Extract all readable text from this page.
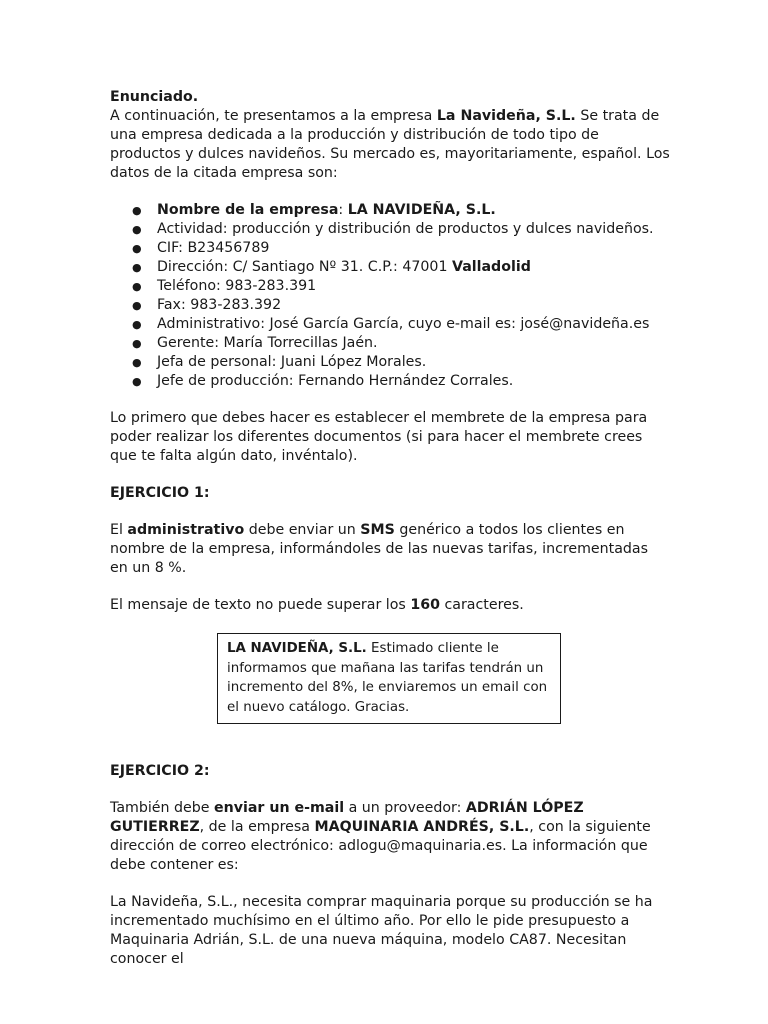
Enunciado.

A continuación, te presentamos a la empresa La Navideña, S.L. Se trata de una empresa dedicada a la producción y distribución de todo tipo de productos y dulces navideños. Su mercado es, mayoritariamente, español. Los datos de la citada empresa son:

● Nombre de la empresa: LA NAVIDEÑA, S.L.
● Actividad: producción y distribución de productos y dulces navideños.
● CIF: B23456789
● Dirección: C/ Santiago Nº 31. C.P.: 47001 Valladolid
● Teléfono: 983-283.391
● Fax: 983-283.392
● Administrativo: José García García, cuyo e-mail es: josé@navideña.es
● Gerente: María Torrecillas Jaén.
● Jefa de personal: Juani López Morales.
● Jefe de producción: Fernando Hernández Corrales.

Lo primero que debes hacer es establecer el membrete de la empresa para poder realizar los diferentes documentos (si para hacer el membrete crees que te falta algún dato, invéntalo).

EJERCICIO 1:

El administrativo debe enviar un SMS genérico a todos los clientes en nombre de la empresa, informándoles de las nuevas tarifas, incrementadas en un 8 %.

El mensaje de texto no puede superar los 160 caracteres.

LA NAVIDEÑA, S.L. Estimado cliente le informamos que mañana las tarifas tendrán un incremento del 8%, le enviaremos un email con el nuevo catálogo. Gracias.

EJERCICIO 2:

También debe enviar un e-mail a un proveedor: ADRIÁN LÓPEZ GUTIERREZ, de la empresa MAQUINARIA ANDRÉS, S.L., con la siguiente dirección de correo electrónico: adlogu@maquinaria.es. La información que debe contener es:

La Navideña, S.L., necesita comprar maquinaria porque su producción se ha incrementado muchísimo en el último año. Por ello le pide presupuesto a Maquinaria Adrián, S.L. de una nueva máquina, modelo CA87. Necesitan conocer el
